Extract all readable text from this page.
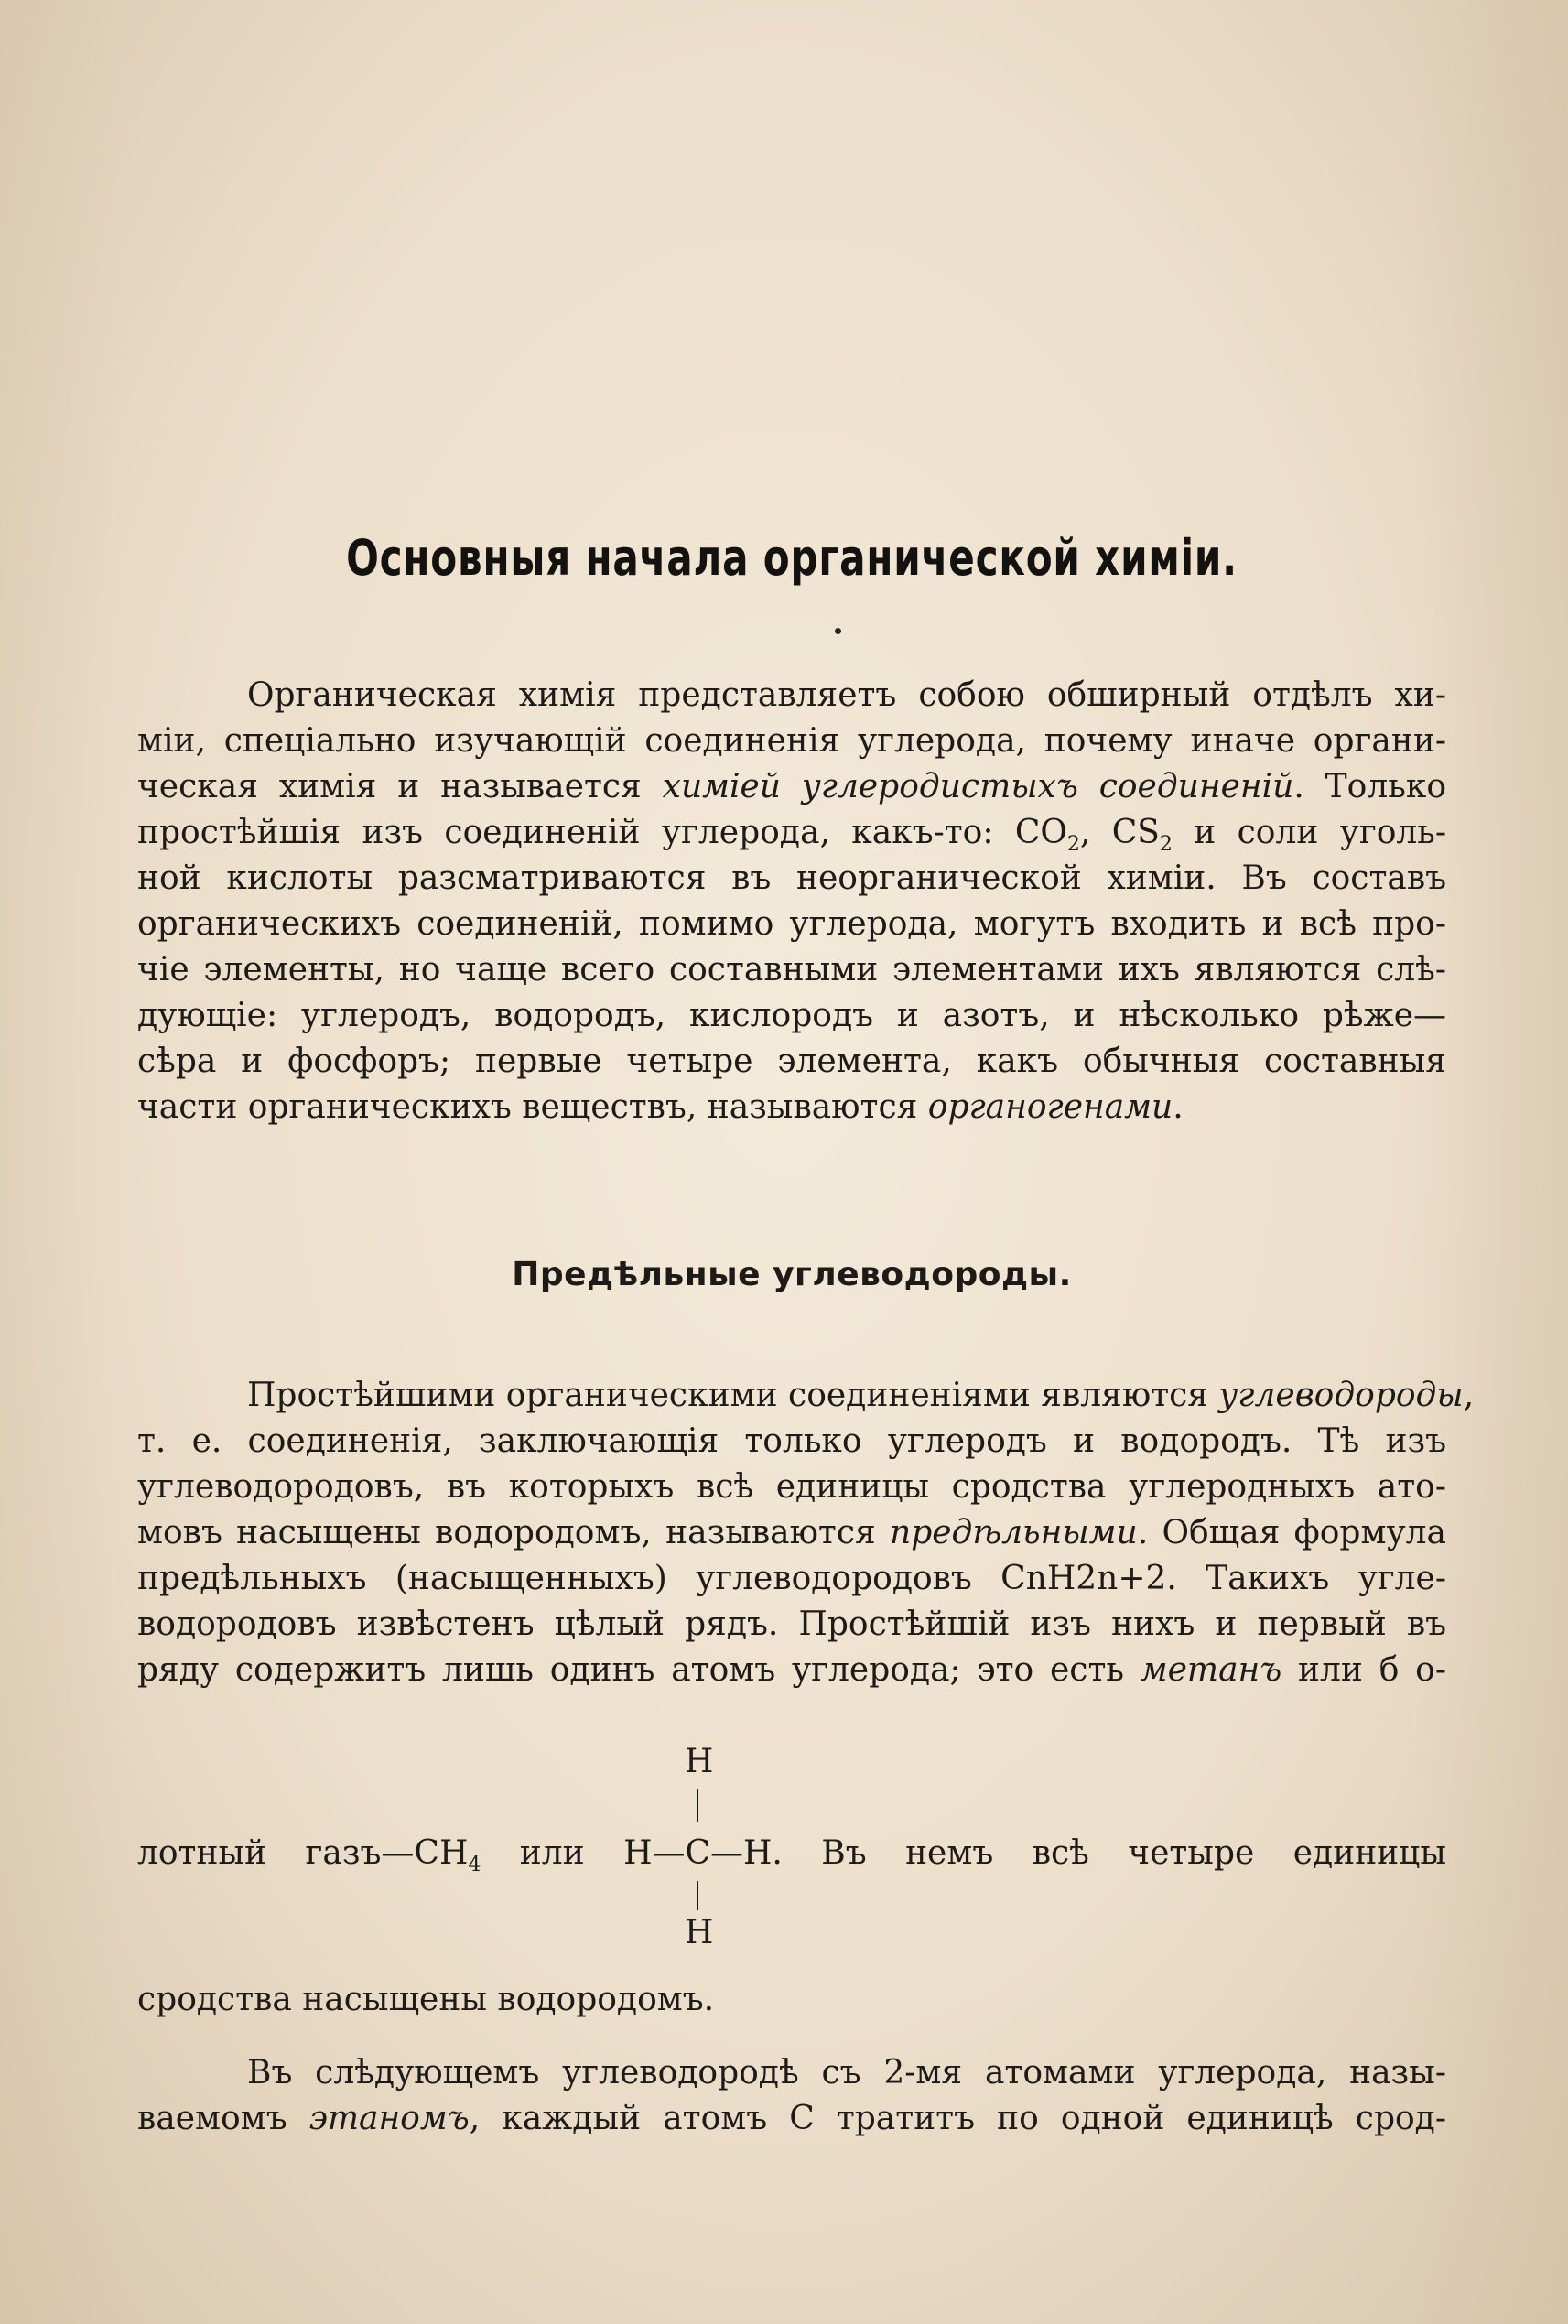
Основныя начала органической химіи.
Органическая химія представляетъ собою обширный отдѣлъ хи-
міи, спеціально изучающій соединенія углерода, почему иначе органи-
ческая химія и называется химіей углеродистыхъ соединеній. Только
простѣйшія изъ соединеній углерода, какъ-то: $CO_2$, $CS_2$ и соли уголь-
ной кислоты разсматриваются въ неорганической химіи. Въ составъ
органическихъ соединеній, помимо углерода, могутъ входить и всѣ про-
чіе элементы, но чаще всего составными элементами ихъ являются слѣ-
дующіе: углеродъ, водородъ, кислородъ и азотъ, и нѣсколько рѣже—
сѣра и фосфоръ; первые четыре элемента, какъ обычныя составныя
части органическихъ веществъ, называются органогенами.
Предѣльные углеводороды.
Простѣйшими органическими соединеніями являются углеводороды,
т. е. соединенія, заключающія только углеродъ и водородъ. Тѣ изъ
углеводородовъ, въ которыхъ всѣ единицы сродства углеродныхъ ато-
мовъ насыщены водородомъ, называются предѣльными. Общая формула
предѣльныхъ (насыщенныхъ) углеводородовъ CnH2n+2. Такихъ угле-
водородовъ извѣстенъ цѣлый рядъ. Простѣйшій изъ нихъ и первый въ
ряду содержитъ лишь одинъ атомъ углерода; это есть метанъ или б о-
H
лотный $газъ—CH_4$ или H—C—H. Въ немъ всѣ четыре единицы
H
сродства насыщены водородомъ.
Въ слѣдующемъ углеводородѣ съ 2-мя атомами углерода, назы-
ваемомъ этаномъ, каждый атомъ C тратитъ по одной единицѣ срод-
